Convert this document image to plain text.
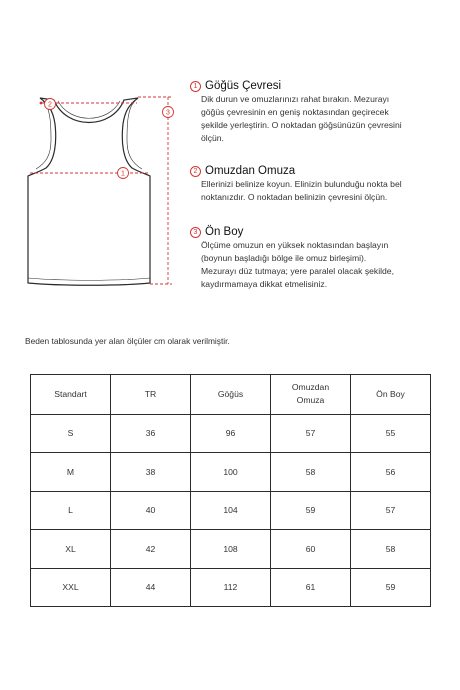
1
2
3
1 Göğüs Çevresi
Dik durun ve omuzlarınızı rahat bırakın. Mezurayı
göğüs çevresinin en geniş noktasından geçirecek
şekilde yerleştirin. O noktadan göğsünüzün çevresini
ölçün.
2 Omuzdan Omuza
Ellerinizi belinize koyun. Elinizin bulunduğu nokta bel
noktanızdır. O noktadan belinizin çevresini ölçün.
3 Ön Boy
Ölçüme omuzun en yüksek noktasından başlayın
(boynun başladığı bölge ile omuz birleşimi).
Mezurayı düz tutmaya; yere paralel olacak şekilde,
kaydırmamaya dikkat etmelisiniz.
Beden tablosunda yer alan ölçüler cm olarak verilmiştir.
Standart	TR	Göğüs	Omuzdan Omuza	Ön Boy
S	36	96	57	55
M	38	100	58	56
L	40	104	59	57
XL	42	108	60	58
XXL	44	112	61	59
